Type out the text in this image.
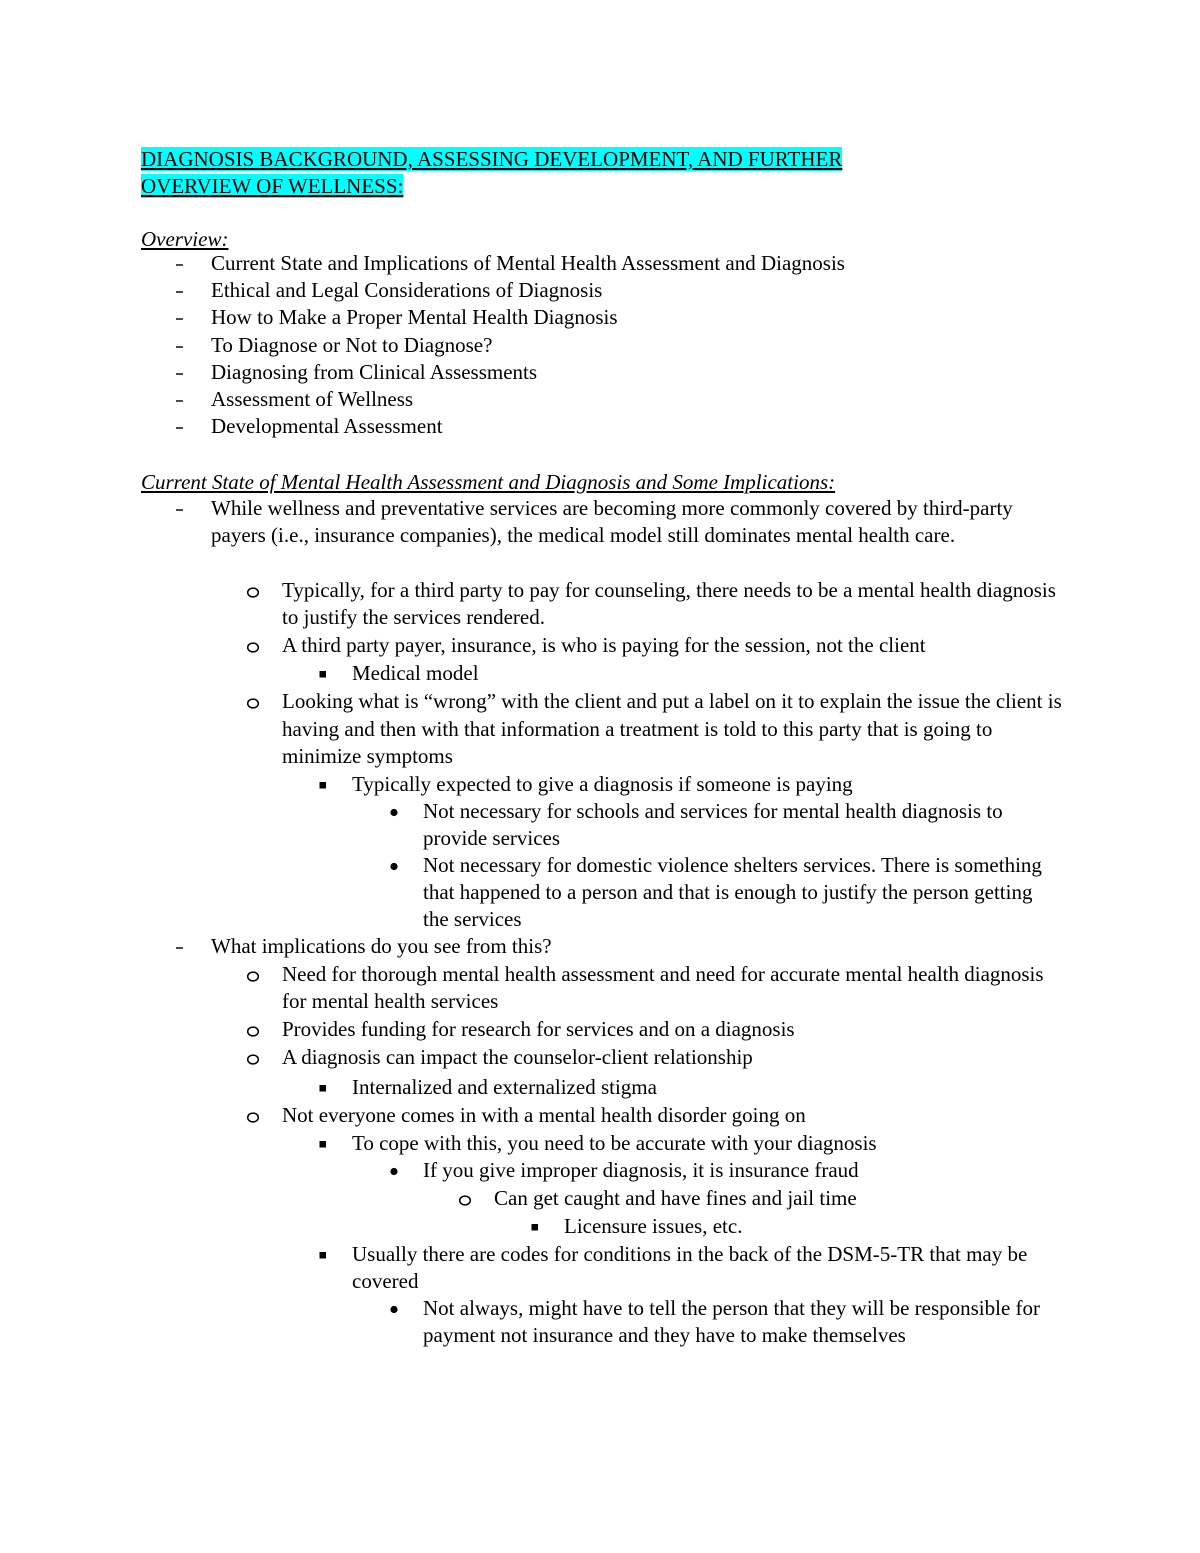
DIAGNOSIS BACKGROUND, ASSESSING DEVELOPMENT, AND FURTHER
OVERVIEW OF WELLNESS:
Overview:
Current State and Implications of Mental Health Assessment and Diagnosis
Ethical and Legal Considerations of Diagnosis
How to Make a Proper Mental Health Diagnosis
To Diagnose or Not to Diagnose?
Diagnosing from Clinical Assessments
Assessment of Wellness
Developmental Assessment
Current State of Mental Health Assessment and Diagnosis and Some Implications:
While wellness and preventative services are becoming more commonly covered by third-party payers (i.e., insurance companies), the medical model still dominates mental health care.
Typically, for a third party to pay for counseling, there needs to be a mental health diagnosis to justify the services rendered.
A third party payer, insurance, is who is paying for the session, not the client
Medical model
Looking what is “wrong” with the client and put a label on it to explain the issue the client is having and then with that information a treatment is told to this party that is going to minimize symptoms
Typically expected to give a diagnosis if someone is paying
Not necessary for schools and services for mental health diagnosis to provide services
Not necessary for domestic violence shelters services. There is something that happened to a person and that is enough to justify the person getting the services
What implications do you see from this?
Need for thorough mental health assessment and need for accurate mental health diagnosis for mental health services
Provides funding for research for services and on a diagnosis
A diagnosis can impact the counselor-client relationship
Internalized and externalized stigma
Not everyone comes in with a mental health disorder going on
To cope with this, you need to be accurate with your diagnosis
If you give improper diagnosis, it is insurance fraud
Can get caught and have fines and jail time
Licensure issues, etc.
Usually there are codes for conditions in the back of the DSM-5-TR that may be covered
Not always, might have to tell the person that they will be responsible for payment not insurance and they have to make themselves
